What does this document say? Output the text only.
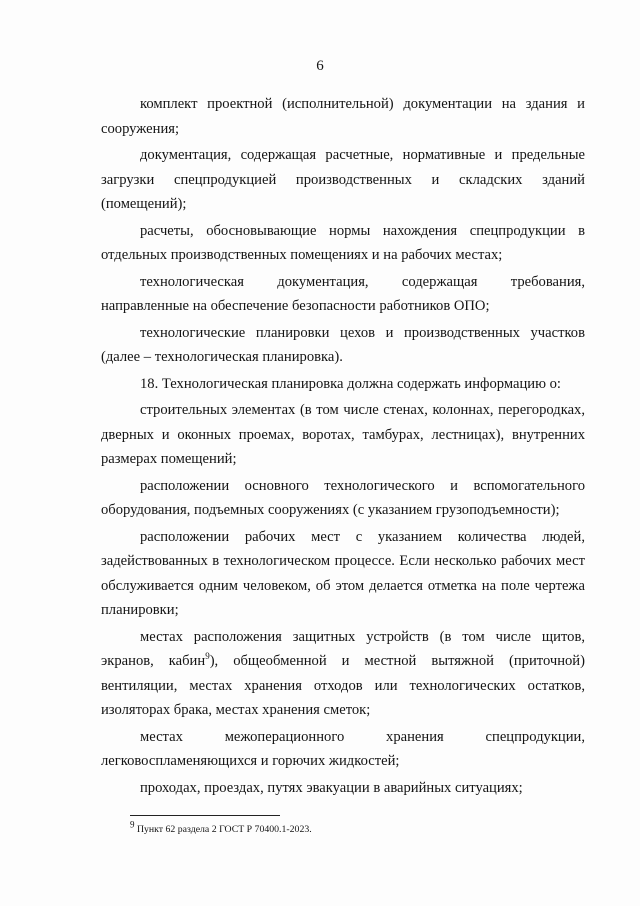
6

комплект проектной (исполнительной) документации на здания и сооружения;

документация, содержащая расчетные, нормативные и предельные загрузки спецпродукцией производственных и складских зданий (помещений);

расчеты, обосновывающие нормы нахождения спецпродукции в отдельных производственных помещениях и на рабочих местах;

технологическая документация, содержащая требования, направленные на обеспечение безопасности работников ОПО;

технологические планировки цехов и производственных участков (далее – технологическая планировка).

18. Технологическая планировка должна содержать информацию о:

строительных элементах (в том числе стенах, колоннах, перегородках, дверных и оконных проемах, воротах, тамбурах, лестницах), внутренних размерах помещений;

расположении основного технологического и вспомогательного оборудования, подъемных сооружениях (с указанием грузоподъемности);

расположении рабочих мест с указанием количества людей, задействованных в технологическом процессе. Если несколько рабочих мест обслуживается одним человеком, об этом делается отметка на поле чертежа планировки;

местах расположения защитных устройств (в том числе щитов, экранов, кабин$^9$), общеобменной и местной вытяжной (приточной) вентиляции, местах хранения отходов или технологических остатков, изоляторах брака, местах хранения сметок;

местах межоперационного хранения спецпродукции, легковоспламеняющихся и горючих жидкостей;

проходах, проездах, путях эвакуации в аварийных ситуациях;

$^9$ Пункт 62 раздела 2 ГОСТ Р 70400.1-2023.
